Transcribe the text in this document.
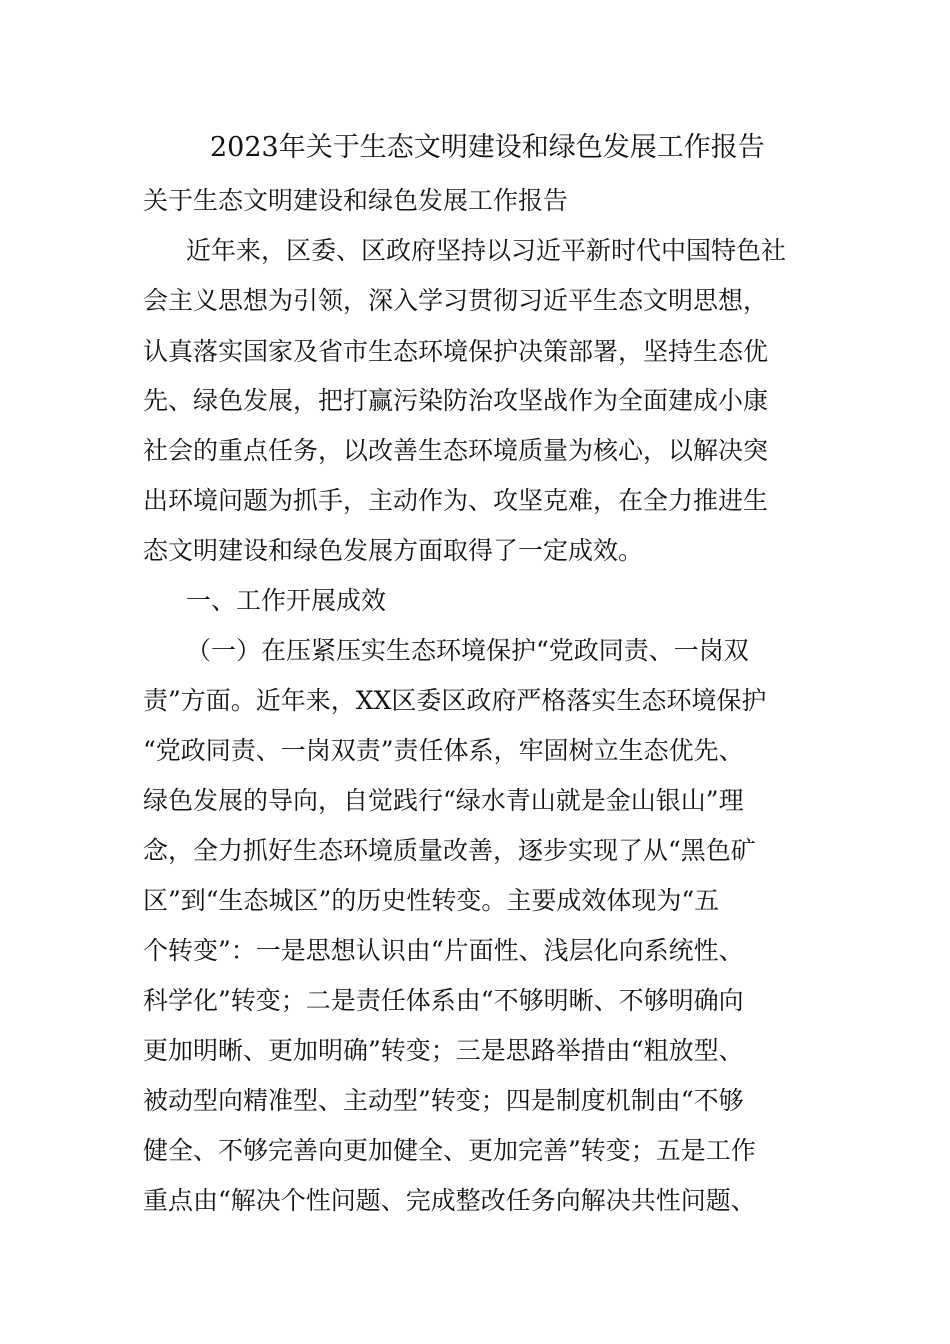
2023年关于生态文明建设和绿色发展工作报告
关于生态文明建设和绿色发展工作报告
近年来，区委、区政府坚持以习近平新时代中国特色社
会主义思想为引领，深入学习贯彻习近平生态文明思想，
认真落实国家及省市生态环境保护决策部署，坚持生态优
先、绿色发展，把打赢污染防治攻坚战作为全面建成小康
社会的重点任务，以改善生态环境质量为核心，以解决突
出环境问题为抓手，主动作为、攻坚克难，在全力推进生
态文明建设和绿色发展方面取得了一定成效。
一、工作开展成效
（一）在压紧压实生态环境保护“党政同责、一岗双
责”方面。近年来，XX区委区政府严格落实生态环境保护
“党政同责、一岗双责”责任体系，牢固树立生态优先、
绿色发展的导向，自觉践行“绿水青山就是金山银山”理
念，全力抓好生态环境质量改善，逐步实现了从“黑色矿
区”到“生态城区”的历史性转变。主要成效体现为“五
个转变”：一是思想认识由“片面性、浅层化向系统性、
科学化”转变；二是责任体系由“不够明晰、不够明确向
更加明晰、更加明确”转变；三是思路举措由“粗放型、
被动型向精准型、主动型”转变；四是制度机制由“不够
健全、不够完善向更加健全、更加完善”转变；五是工作
重点由“解决个性问题、完成整改任务向解决共性问题、
